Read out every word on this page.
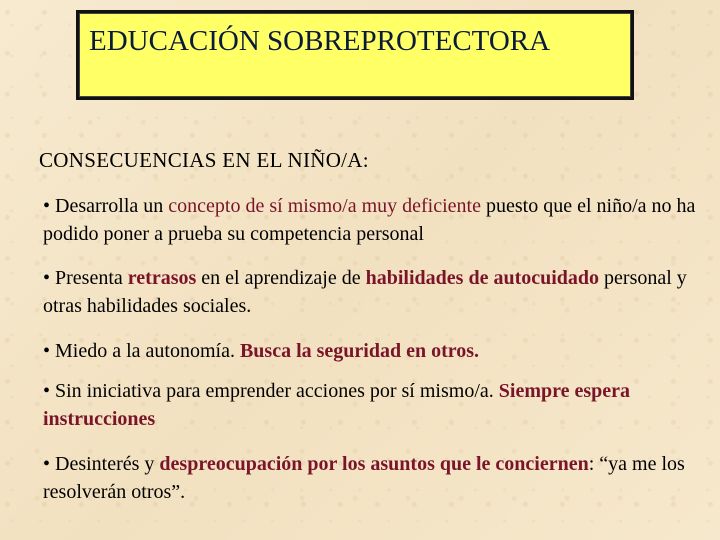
EDUCACIÓN SOBREPROTECTORA
CONSECUENCIAS EN EL NIÑO/A:

• Desarrolla un concepto de sí mismo/a muy deficiente puesto que el niño/a no ha podido poner a prueba su competencia personal

• Presenta retrasos en el aprendizaje de habilidades de autocuidado personal y otras habilidades sociales.

• Miedo a la autonomía. Busca la seguridad en otros.

• Sin iniciativa para emprender acciones por sí mismo/a. Siempre espera instrucciones

• Desinterés y despreocupación por los asuntos que le conciernen: “ya me los resolverán otros”.
